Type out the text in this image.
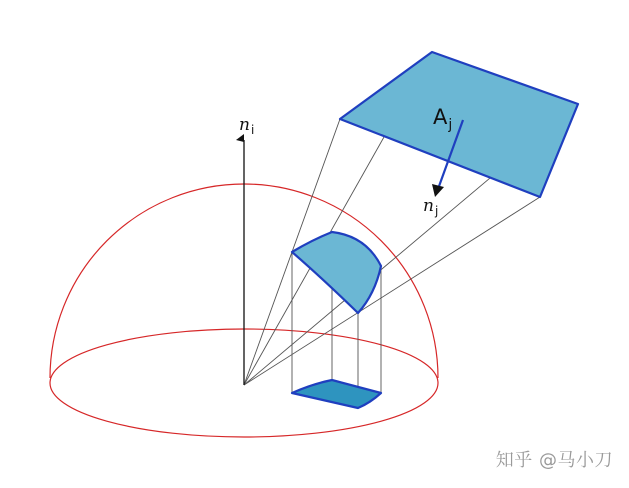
$n_i$
$A_j$
$n_j$
知乎 @马小刀
